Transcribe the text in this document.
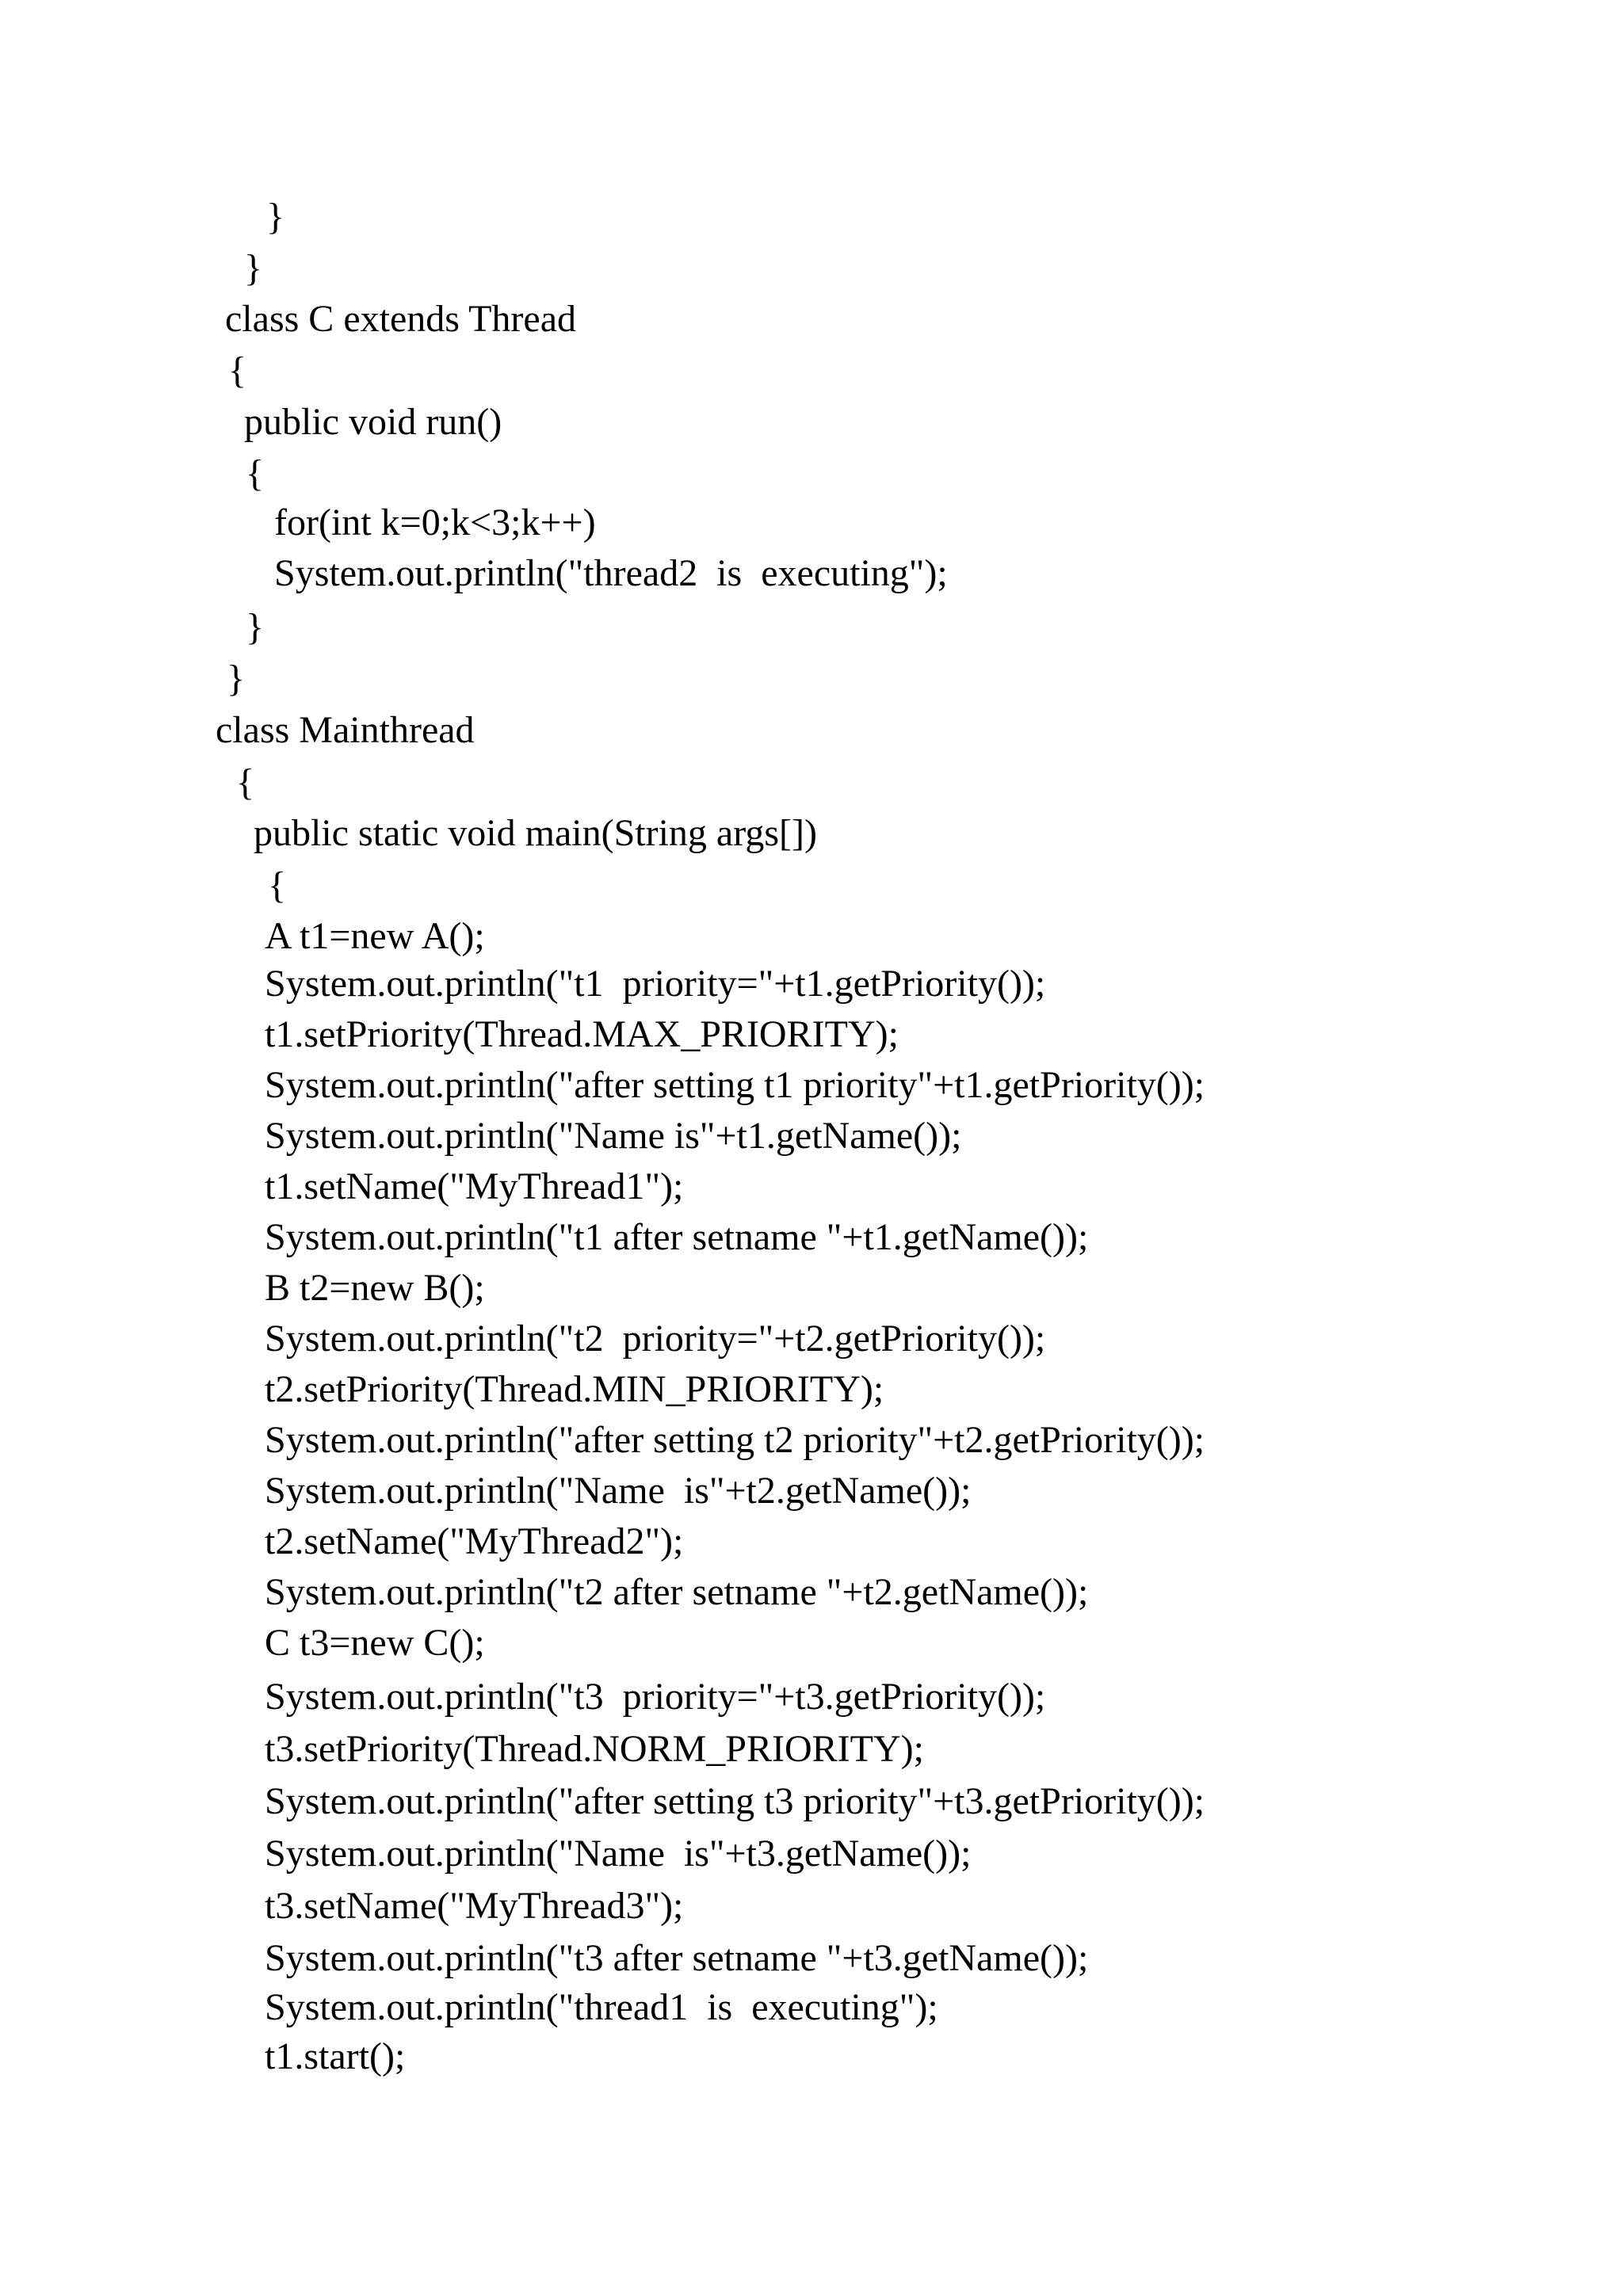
}

}

class C extends Thread

{

public void run()

{

for(int k=0;k<3;k++)

System.out.println("thread2  is  executing");

}

}

class Mainthread

{

public static void main(String args[])

{

A t1=new A();

System.out.println("t1  priority="+t1.getPriority());

t1.setPriority(Thread.MAX_PRIORITY);

System.out.println("after setting t1 priority"+t1.getPriority());

System.out.println("Name is"+t1.getName());

t1.setName("MyThread1");

System.out.println("t1 after setname "+t1.getName());

B t2=new B();

System.out.println("t2  priority="+t2.getPriority());

t2.setPriority(Thread.MIN_PRIORITY);

System.out.println("after setting t2 priority"+t2.getPriority());

System.out.println("Name  is"+t2.getName());

t2.setName("MyThread2");

System.out.println("t2 after setname "+t2.getName());

C t3=new C();

System.out.println("t3  priority="+t3.getPriority());

t3.setPriority(Thread.NORM_PRIORITY);

System.out.println("after setting t3 priority"+t3.getPriority());

System.out.println("Name  is"+t3.getName());

t3.setName("MyThread3");

System.out.println("t3 after setname "+t3.getName());

System.out.println("thread1  is  executing");

t1.start();
